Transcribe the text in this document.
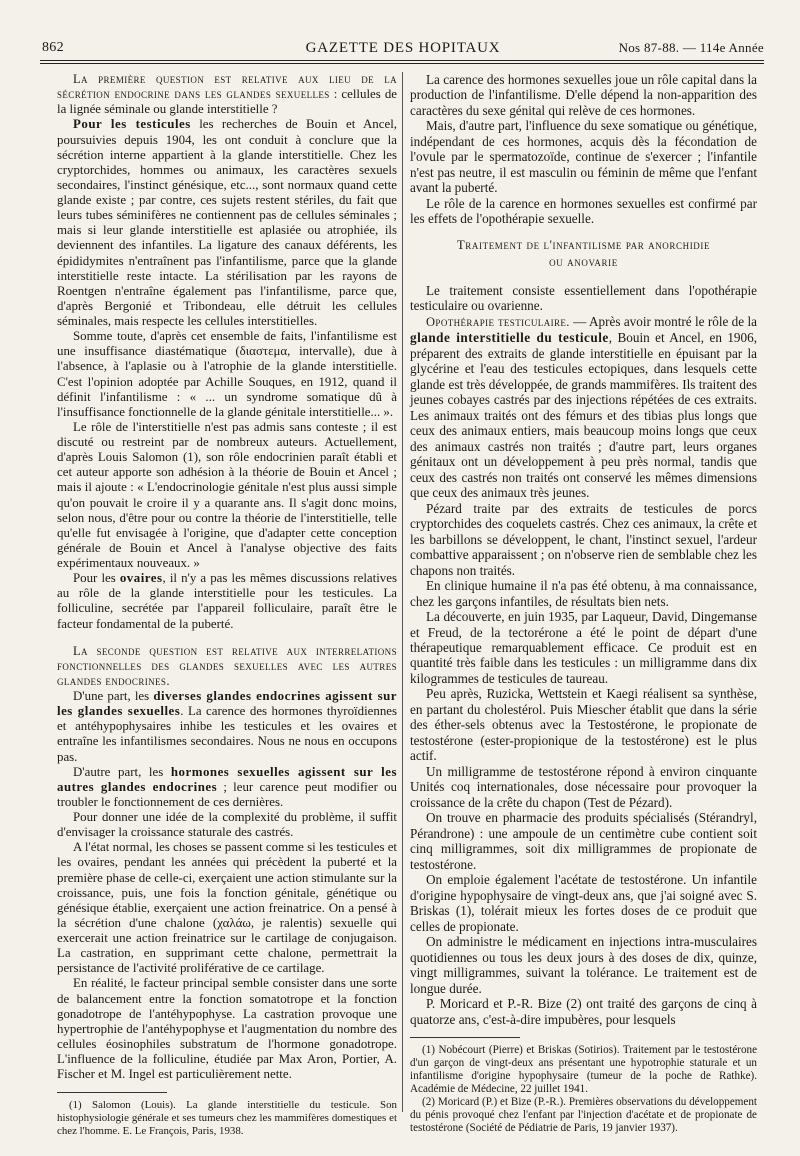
862	GAZETTE DES HOPITAUX	Nos 87-88. — 114e Année

La première question est relative aux lieu de la sécrétion endocrine dans les glandes sexuelles : cellules de la lignée séminale ou glande interstitielle ?

Pour les testicules les recherches de Bouin et Ancel, poursuivies depuis 1904, les ont conduit à conclure que la sécrétion interne appartient à la glande interstitielle. Chez les cryptorchides, hommes ou animaux, les caractères sexuels secondaires, l'instinct génésique, etc..., sont normaux quand cette glande existe ; par contre, ces sujets restent stériles, du fait que leurs tubes séminifères ne contiennent pas de cellules séminales ; mais si leur glande interstitielle est aplasiée ou atrophiée, ils deviennent des infantiles. La ligature des canaux déférents, les épididymites n'entraînent pas l'infantilisme, parce que la glande interstitielle reste intacte. La stérilisation par les rayons de Roentgen n'entraîne également pas l'infantilisme, parce que, d'après Bergonié et Tribondeau, elle détruit les cellules séminales, mais respecte les cellules interstitielles.

Somme toute, d'après cet ensemble de faits, l'infantilisme est une insuffisance diastématique (διαστεμα, intervalle), due à l'absence, à l'aplasie ou à l'atrophie de la glande interstitielle. C'est l'opinion adoptée par Achille Souques, en 1912, quand il définit l'infantilisme : « ... un syndrome somatique dû à l'insuffisance fonctionnelle de la glande génitale interstitielle... ».

Le rôle de l'interstitielle n'est pas admis sans conteste ; il est discuté ou restreint par de nombreux auteurs. Actuellement, d'après Louis Salomon (1), son rôle endocrinien paraît établi et cet auteur apporte son adhésion à la théorie de Bouin et Ancel ; mais il ajoute : « L'endocrinologie génitale n'est plus aussi simple qu'on pouvait le croire il y a quarante ans. Il s'agit donc moins, selon nous, d'être pour ou contre la théorie de l'interstitielle, telle qu'elle fut envisagée à l'origine, que d'adapter cette conception générale de Bouin et Ancel à l'analyse objective des faits expérimentaux nouveaux. »

Pour les ovaires, il n'y a pas les mêmes discussions relatives au rôle de la glande interstitielle pour les testicules. La folliculine, secrétée par l'appareil folliculaire, paraît être le facteur fondamental de la puberté.

La seconde question est relative aux interrelations fonctionnelles des glandes sexuelles avec les autres glandes endocrines.

D'une part, les diverses glandes endocrines agissent sur les glandes sexuelles. La carence des hormones thyroïdiennes et antéhypophysaires inhibe les testicules et les ovaires et entraîne les infantilismes secondaires. Nous ne nous en occupons pas.

D'autre part, les hormones sexuelles agissent sur les autres glandes endocrines ; leur carence peut modifier ou troubler le fonctionnement de ces dernières.

Pour donner une idée de la complexité du problème, il suffit d'envisager la croissance staturale des castrés.

A l'état normal, les choses se passent comme si les testicules et les ovaires, pendant les années qui précèdent la puberté et la première phase de celle-ci, exerçaient une action stimulante sur la croissance, puis, une fois la fonction génitale, génétique ou génésique établie, exerçaient une action freinatrice. On a pensé à la sécrétion d'une chalone (χαλάω, je ralentis) sexuelle qui exercerait une action freinatrice sur le cartilage de conjugaison. La castration, en supprimant cette chalone, permettrait la persistance de l'activité proliférative de ce cartilage.

En réalité, le facteur principal semble consister dans une sorte de balancement entre la fonction somatotrope et la fonction gonadotrope de l'antéhypophyse. La castration provoque une hypertrophie de l'antéhypophyse et l'augmentation du nombre des cellules éosinophiles substratum de l'hormone gonadotrope. L'influence de la folliculine, étudiée par Max Aron, Portier, A. Fischer et M. Ingel est particulièrement nette.

(1) Salomon (Louis). La glande interstitielle du testicule. Son histophysiologie générale et ses tumeurs chez les mammifères domestiques et chez l'homme. E. Le François, Paris, 1938.

La carence des hormones sexuelles joue un rôle capital dans la production de l'infantilisme. D'elle dépend la non-apparition des caractères du sexe génital qui relève de ces hormones.

Mais, d'autre part, l'influence du sexe somatique ou génétique, indépendant de ces hormones, acquis dès la fécondation de l'ovule par le spermatozoïde, continue de s'exercer ; l'infantile n'est pas neutre, il est masculin ou féminin de même que l'enfant avant la puberté.

Le rôle de la carence en hormones sexuelles est confirmé par les effets de l'opothérapie sexuelle.

Traitement de l'infantilisme par anorchidie
ou anovarie

Le traitement consiste essentiellement dans l'opothérapie testiculaire ou ovarienne.

Opothérapie testiculaire. — Après avoir montré le rôle de la glande interstitielle du testicule, Bouin et Ancel, en 1906, préparent des extraits de glande interstitielle en épuisant par la glycérine et l'eau des testicules ectopiques, dans lesquels cette glande est très développée, de grands mammifères. Ils traitent des jeunes cobayes castrés par des injections répétées de ces extraits. Les animaux traités ont des fémurs et des tibias plus longs que ceux des animaux entiers, mais beaucoup moins longs que ceux des animaux castrés non traités ; d'autre part, leurs organes génitaux ont un développement à peu près normal, tandis que ceux des castrés non traités ont conservé les mêmes dimensions que ceux des animaux très jeunes.

Pézard traite par des extraits de testicules de porcs cryptorchides des coquelets castrés. Chez ces animaux, la crête et les barbillons se développent, le chant, l'instinct sexuel, l'ardeur combattive apparaissent ; on n'observe rien de semblable chez les chapons non traités.

En clinique humaine il n'a pas été obtenu, à ma connaissance, chez les garçons infantiles, de résultats bien nets.

La découverte, en juin 1935, par Laqueur, David, Dingemanse et Freud, de la tectorérone a été le point de départ d'une thérapeutique remarquablement efficace. Ce produit est en quantité très faible dans les testicules : un milligramme dans dix kilogrammes de testicules de taureau.

Peu après, Ruzicka, Wettstein et Kaegi réalisent sa synthèse, en partant du cholestérol. Puis Miescher établit que dans la série des éther-sels obtenus avec la Testostérone, le propionate de testostérone (ester-propionique de la testostérone) est le plus actif.

Un milligramme de testostérone répond à environ cinquante Unités coq internationales, dose nécessaire pour provoquer la croissance de la crête du chapon (Test de Pézard).

On trouve en pharmacie des produits spécialisés (Stérandryl, Pérandrone) : une ampoule de un centimètre cube contient soit cinq milligrammes, soit dix milligrammes de propionate de testostérone.

On emploie également l'acétate de testostérone. Un infantile d'origine hypophysaire de vingt-deux ans, que j'ai soigné avec S. Briskas (1), tolérait mieux les fortes doses de ce produit que celles de propionate.

On administre le médicament en injections intra-musculaires quotidiennes ou tous les deux jours à des doses de dix, quinze, vingt milligrammes, suivant la tolérance. Le traitement est de longue durée.

P. Moricard et P.-R. Bize (2) ont traité des garçons de cinq à quatorze ans, c'est-à-dire impubères, pour lesquels

(1) Nobécourt (Pierre) et Briskas (Sotirios). Traitement par le testostérone d'un garçon de vingt-deux ans présentant une hypotrophie staturale et un infantilisme d'origine hypophysaire (tumeur de la poche de Rathke). Académie de Médecine, 22 juillet 1941.

(2) Moricard (P.) et Bize (P.-R.). Premières observations du développement du pénis provoqué chez l'enfant par l'injection d'acétate et de propionate de testostérone (Société de Pédiatrie de Paris, 19 janvier 1937).
